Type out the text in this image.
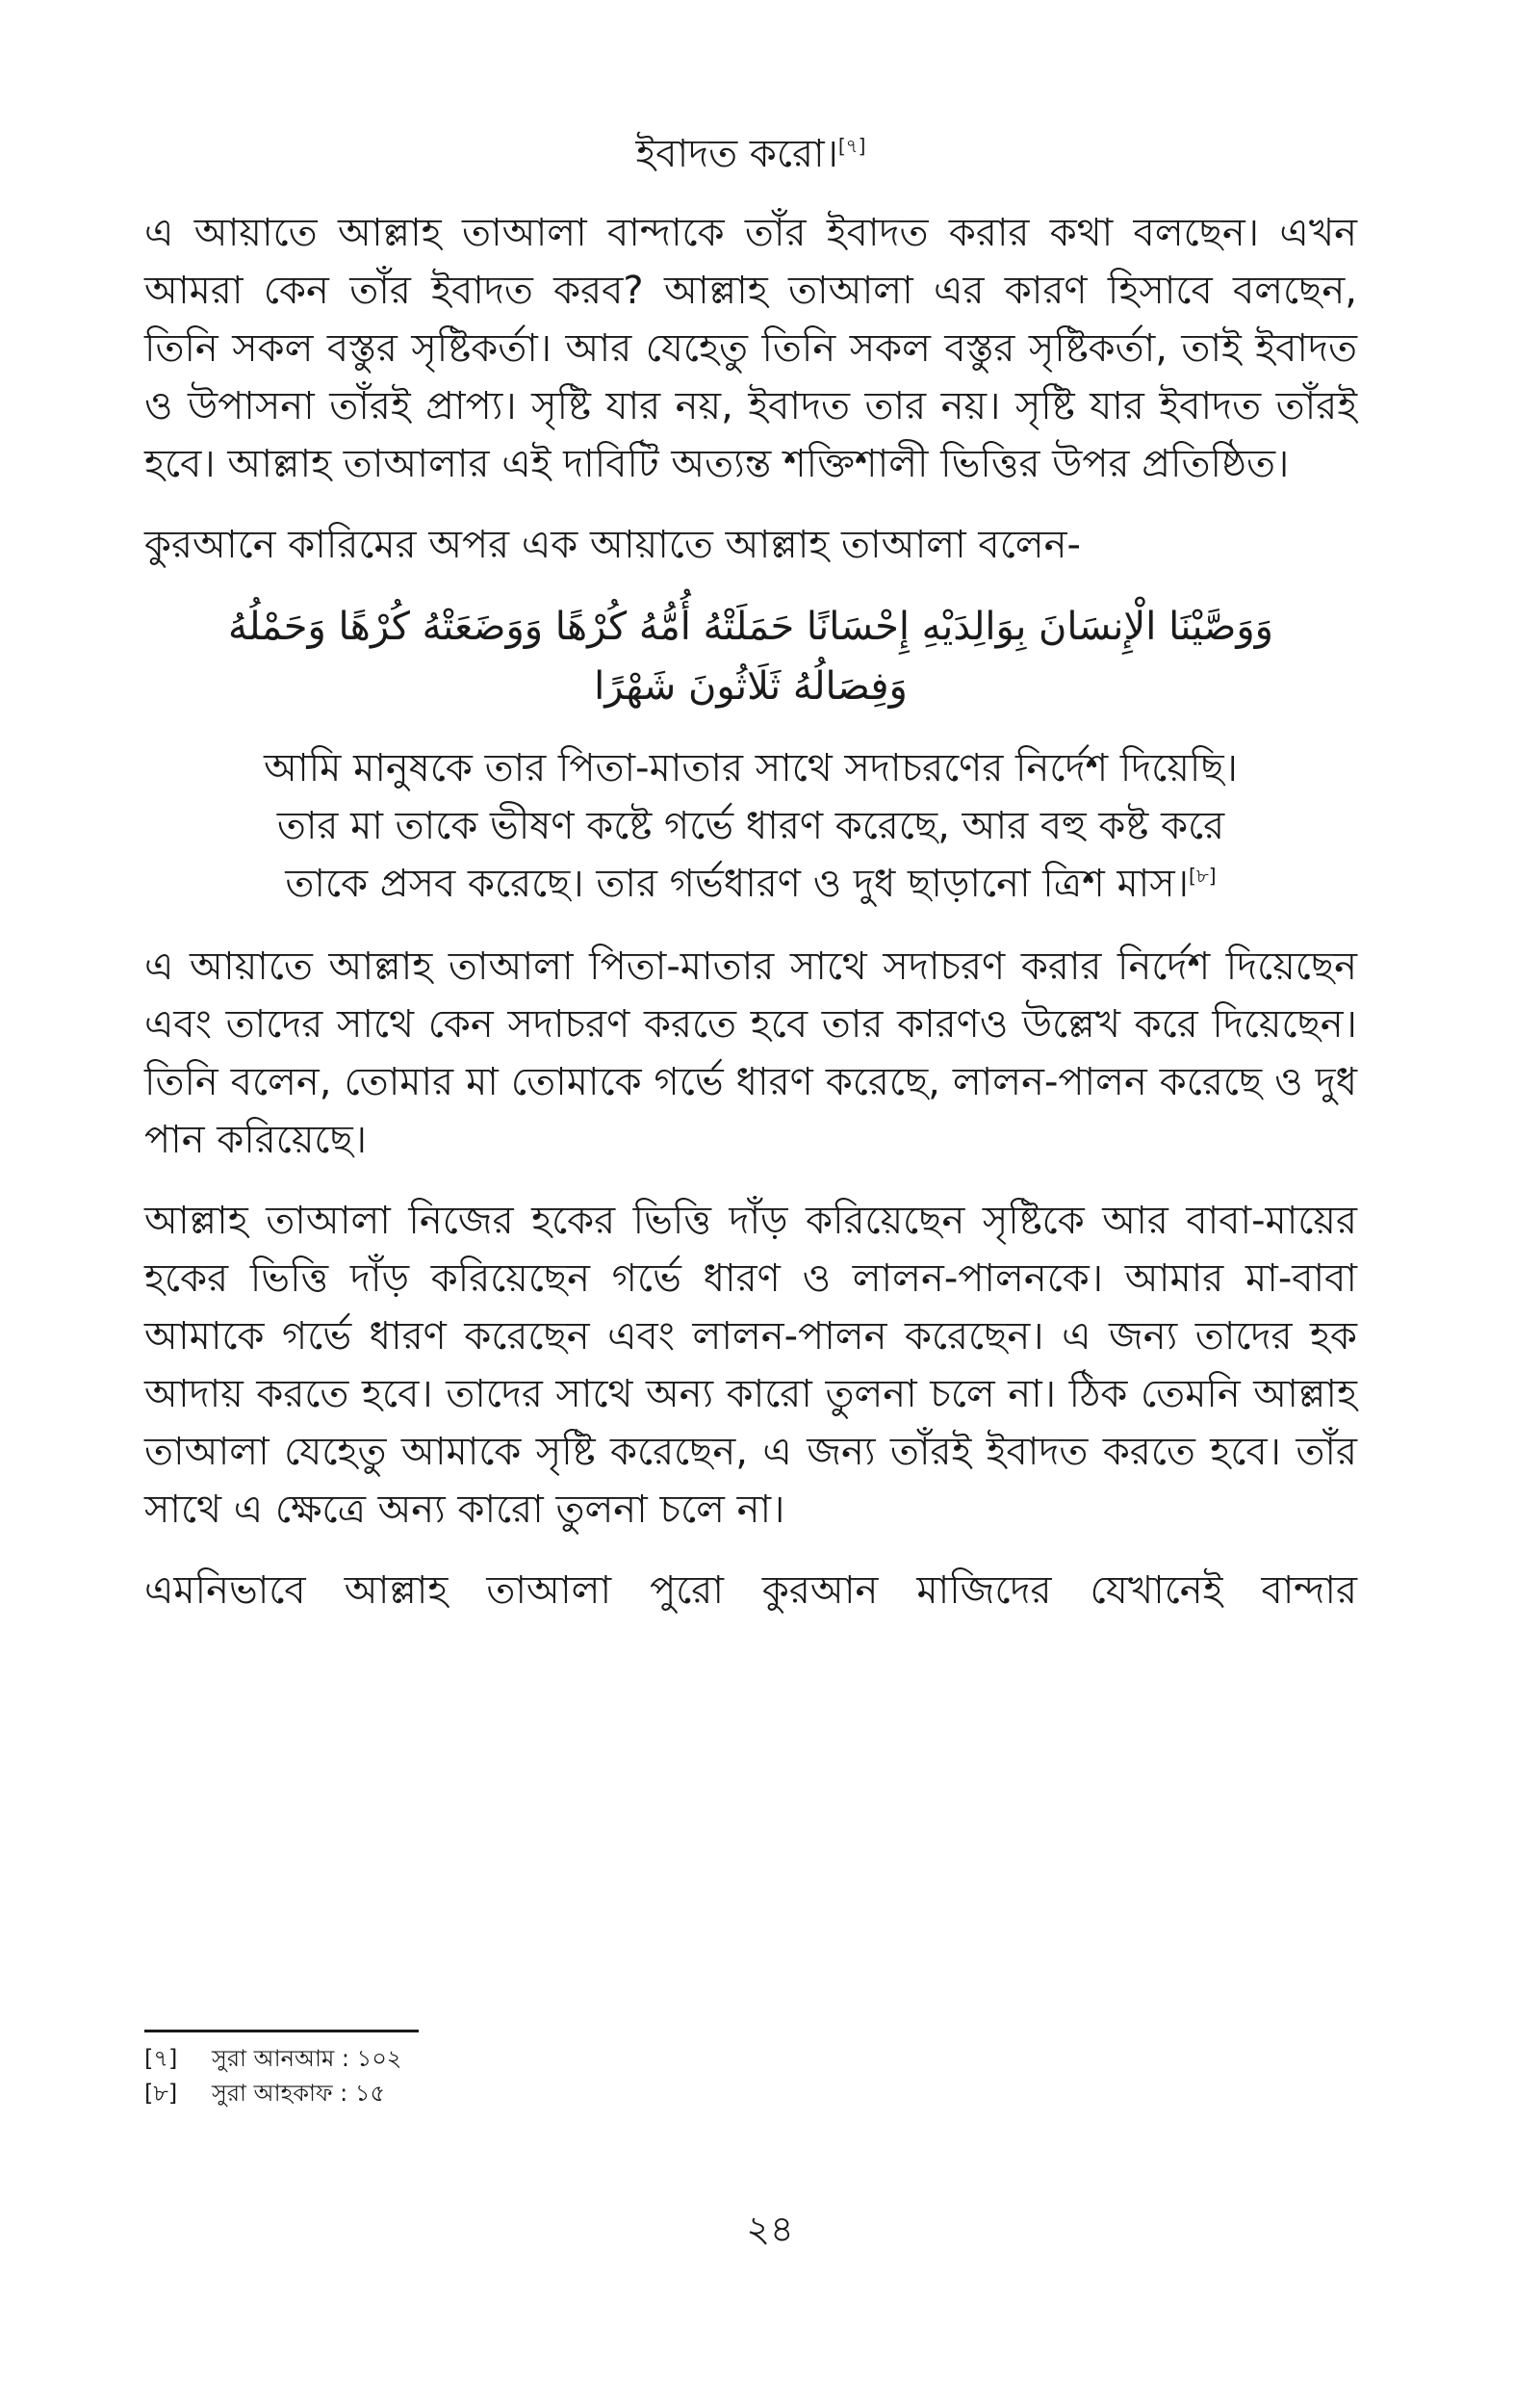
ইবাদত করো।[৭]

এ আয়াতে আল্লাহ তাআলা বান্দাকে তাঁর ইবাদত করার কথা বলছেন। এখন আমরা কেন তাঁর ইবাদত করব? আল্লাহ তাআলা এর কারণ হিসাবে বলছেন, তিনি সকল বস্তুর সৃষ্টিকর্তা। আর যেহেতু তিনি সকল বস্তুর সৃষ্টিকর্তা, তাই ইবাদত ও উপাসনা তাঁরই প্রাপ্য। সৃষ্টি যার নয়, ইবাদত তার নয়। সৃষ্টি যার ইবাদত তাঁরই হবে। আল্লাহ তাআলার এই দাবিটি অত্যন্ত শক্তিশালী ভিত্তির উপর প্রতিষ্ঠিত।

কুরআনে কারিমের অপর এক আয়াতে আল্লাহ তাআলা বলেন-

وَوَصَّيْنَا الْإِنسَانَ بِوَالِدَيْهِ إِحْسَانًا حَمَلَتْهُ أُمُّهُ كُرْهًا وَوَضَعَتْهُ كُرْهًا وَحَمْلُهُ وَفِصَالُهُ ثَلَاثُونَ شَهْرًا

আমি মানুষকে তার পিতা-মাতার সাথে সদাচরণের নির্দেশ দিয়েছি। তার মা তাকে ভীষণ কষ্টে গর্ভে ধারণ করেছে, আর বহু কষ্ট করে তাকে প্রসব করেছে। তার গর্ভধারণ ও দুধ ছাড়ানো ত্রিশ মাস।[৮]

এ আয়াতে আল্লাহ তাআলা পিতা-মাতার সাথে সদাচরণ করার নির্দেশ দিয়েছেন এবং তাদের সাথে কেন সদাচরণ করতে হবে তার কারণও উল্লেখ করে দিয়েছেন। তিনি বলেন, তোমার মা তোমাকে গর্ভে ধারণ করেছে, লালন-পালন করেছে ও দুধ পান করিয়েছে।

আল্লাহ তাআলা নিজের হকের ভিত্তি দাঁড় করিয়েছেন সৃষ্টিকে আর বাবা-মায়ের হকের ভিত্তি দাঁড় করিয়েছেন গর্ভে ধারণ ও লালন-পালনকে। আমার মা-বাবা আমাকে গর্ভে ধারণ করেছেন এবং লালন-পালন করেছেন। এ জন্য তাদের হক আদায় করতে হবে। তাদের সাথে অন্য কারো তুলনা চলে না। ঠিক তেমনি আল্লাহ তাআলা যেহেতু আমাকে সৃষ্টি করেছেন, এ জন্য তাঁরই ইবাদত করতে হবে। তাঁর সাথে এ ক্ষেত্রে অন্য কারো তুলনা চলে না।

এমনিভাবে আল্লাহ তাআলা পুরো কুরআন মাজিদের যেখানেই বান্দার

[৭]	সুরা আনআম : ১০২
[৮]	সুরা আহকাফ : ১৫
২৪
